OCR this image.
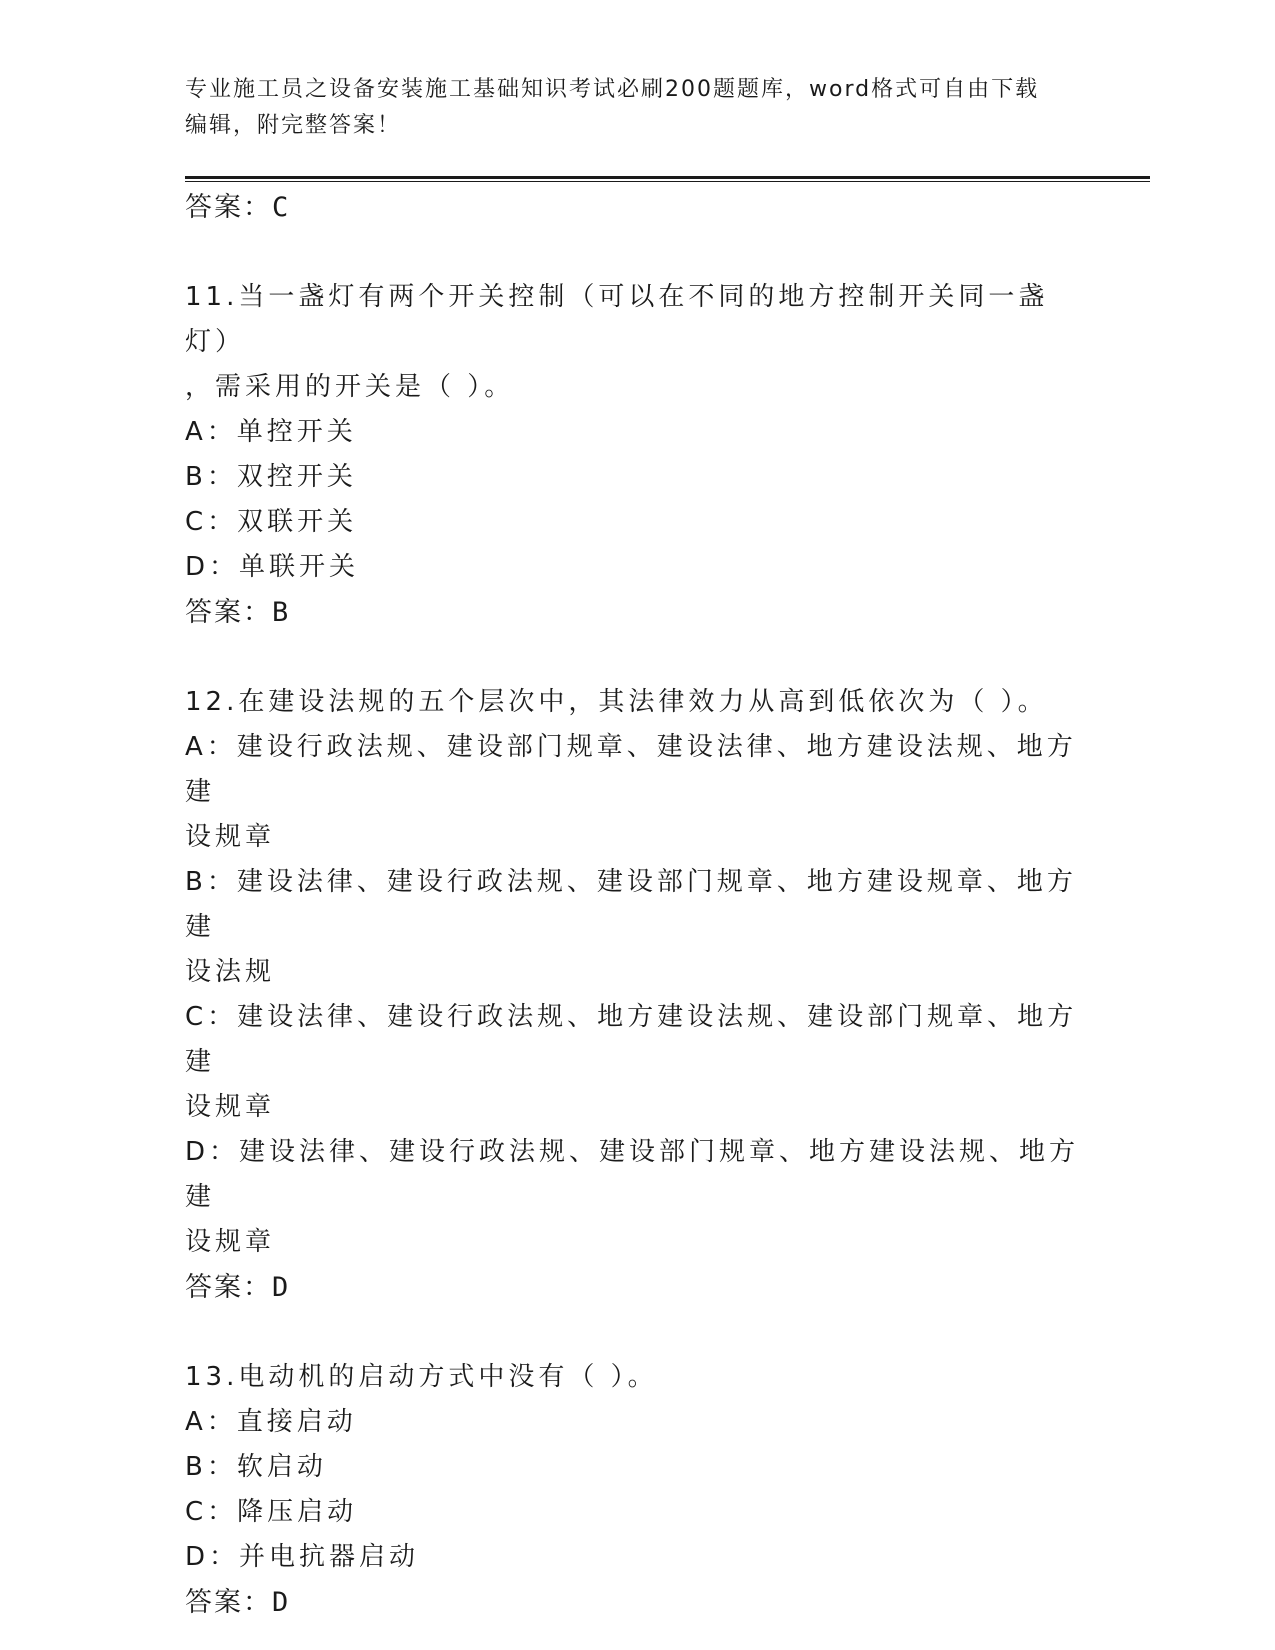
专业施工员之设备安装施工基础知识考试必刷200题题库，word格式可自由下载
编辑，附完整答案！
答案：C
11.当一盏灯有两个开关控制（可以在不同的地方控制开关同一盏灯）
，需采用的开关是（ ）。
A：单控开关
B：双控开关
C：双联开关
D：单联开关
答案：B
12.在建设法规的五个层次中，其法律效力从高到低依次为（ ）。
A：建设行政法规、建设部门规章、建设法律、地方建设法规、地方建
设规章
B：建设法律、建设行政法规、建设部门规章、地方建设规章、地方建
设法规
C：建设法律、建设行政法规、地方建设法规、建设部门规章、地方建
设规章
D：建设法律、建设行政法规、建设部门规章、地方建设法规、地方建
设规章
答案：D
13.电动机的启动方式中没有（ ）。
A：直接启动
B：软启动
C：降压启动
D：并电抗器启动
答案：D
